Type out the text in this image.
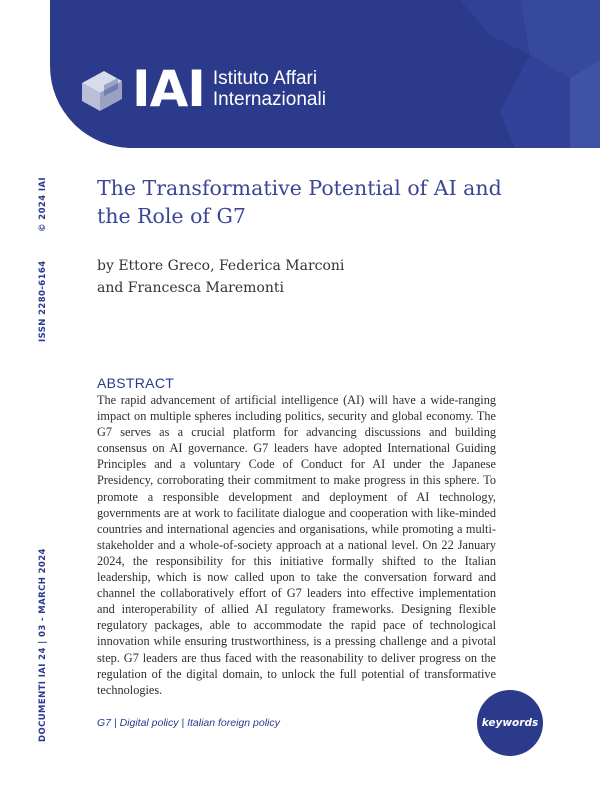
IAI Istituto Affari
Internazionali
© 2024 IAI
ISSN 2280-6164
DOCUMENTI IAI 24 | 03 - MARCH 2024
The Transformative Potential of AI and the Role of G7
by Ettore Greco, Federica Marconi
and Francesca Maremonti
ABSTRACT

The rapid advancement of artificial intelligence (AI) will have a wide-ranging impact on multiple spheres including politics, security and global economy. The G7 serves as a crucial platform for advancing discussions and building consensus on AI governance. G7 leaders have adopted International Guiding Principles and a voluntary Code of Conduct for AI under the Japanese Presidency, corroborating their commitment to make progress in this sphere. To promote a responsible development and deployment of AI technology, governments are at work to facilitate dialogue and cooperation with like-minded countries and international agencies and organisations, while promoting a multi-stakeholder and a whole-of-society approach at a national level. On 22 January 2024, the responsibility for this initiative formally shifted to the Italian leadership, which is now called upon to take the conversation forward and channel the collaboratively effort of G7 leaders into effective implementation and interoperability of allied AI regulatory frameworks. Designing flexible regulatory packages, able to accommodate the rapid pace of technological innovation while ensuring trustworthiness, is a pressing challenge and a pivotal step. G7 leaders are thus faced with the reasonability to deliver progress on the regulation of the digital domain, to unlock the full potential of transformative technologies.

G7 | Digital policy | Italian foreign policy	keywords
